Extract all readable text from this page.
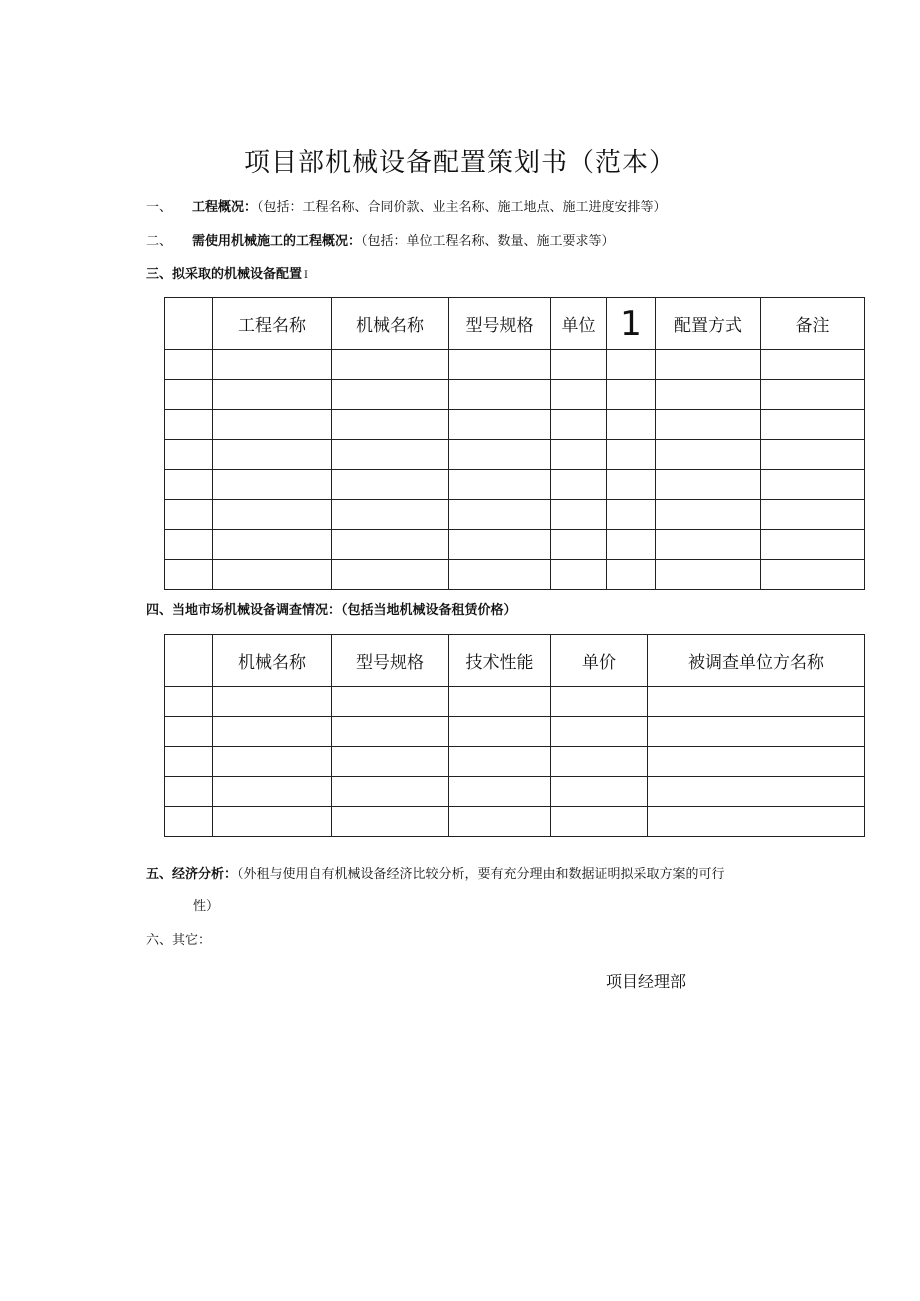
项目部机械设备配置策划书（范本）
一、 工程概况：（包括：工程名称、合同价款、业主名称、施工地点、施工进度安排等）
二、 需使用机械施工的工程概况：（包括：单位工程名称、数量、施工要求等）
三、拟采取的机械设备配置 I
	工程名称	机械名称	型号规格	单位	1	配置方式	备注

四、当地市场机械设备调查情况：（包括当地机械设备租赁价格）
	机械名称	型号规格	技术性能	单价	被调查单位方名称

五、经济分析：（外租与使用自有机械设备经济比较分析，要有充分理由和数据证明拟采取方案的可行
性）
六、其它：
项目经理部
